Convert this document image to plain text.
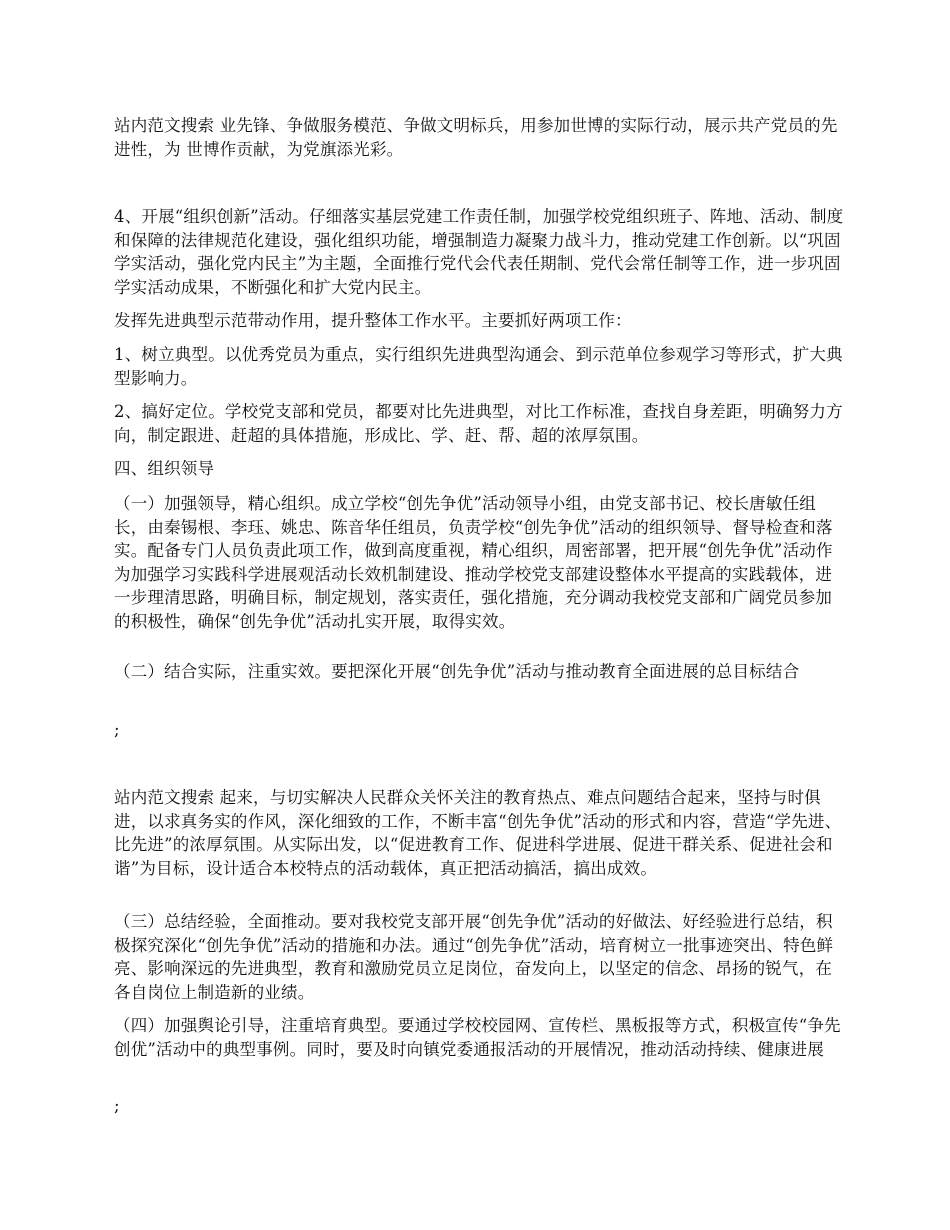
站内范文搜索 业先锋、争做服务模范、争做文明标兵，用参加世博的实际行动，展示共产党员的先进性，为 世博作贡献，为党旗添光彩。

4、开展“组织创新”活动。仔细落实基层党建工作责任制，加强学校党组织班子、阵地、活动、制度和保障的法律规范化建设，强化组织功能，增强制造力凝聚力战斗力，推动党建工作创新。以“巩固学实活动，强化党内民主”为主题，全面推行党代会代表任期制、党代会常任制等工作，进一步巩固学实活动成果，不断强化和扩大党内民主。

发挥先进典型示范带动作用，提升整体工作水平。主要抓好两项工作：

1、树立典型。以优秀党员为重点，实行组织先进典型沟通会、到示范单位参观学习等形式，扩大典型影响力。

2、搞好定位。学校党支部和党员，都要对比先进典型，对比工作标准，查找自身差距，明确努力方向，制定跟进、赶超的具体措施，形成比、学、赶、帮、超的浓厚氛围。

四、组织领导

（一）加强领导，精心组织。成立学校“创先争优”活动领导小组，由党支部书记、校长唐敏任组长，由秦锡根、李珏、姚忠、陈音华任组员，负责学校“创先争优”活动的组织领导、督导检查和落实。配备专门人员负责此项工作，做到高度重视，精心组织，周密部署，把开展“创先争优”活动作为加强学习实践科学进展观活动长效机制建设、推动学校党支部建设整体水平提高的实践载体，进一步理清思路，明确目标，制定规划，落实责任，强化措施，充分调动我校党支部和广阔党员参加的积极性，确保“创先争优”活动扎实开展，取得实效。

（二）结合实际，注重实效。要把深化开展“创先争优”活动与推动教育全面进展的总目标结合

;

站内范文搜索 起来，与切实解决人民群众关怀关注的教育热点、难点问题结合起来，坚持与时俱进，以求真务实的作风，深化细致的工作，不断丰富“创先争优”活动的形式和内容，营造“学先进、比先进”的浓厚氛围。从实际出发，以“促进教育工作、促进科学进展、促进干群关系、促进社会和谐”为目标，设计适合本校特点的活动载体，真正把活动搞活，搞出成效。

（三）总结经验，全面推动。要对我校党支部开展“创先争优”活动的好做法、好经验进行总结，积极探究深化“创先争优”活动的措施和办法。通过“创先争优”活动，培育树立一批事迹突出、特色鲜亮、影响深远的先进典型，教育和激励党员立足岗位，奋发向上，以坚定的信念、昂扬的锐气，在各自岗位上制造新的业绩。

（四）加强舆论引导，注重培育典型。要通过学校校园网、宣传栏、黑板报等方式，积极宣传“争先创优”活动中的典型事例。同时，要及时向镇党委通报活动的开展情况，推动活动持续、健康进展

;
